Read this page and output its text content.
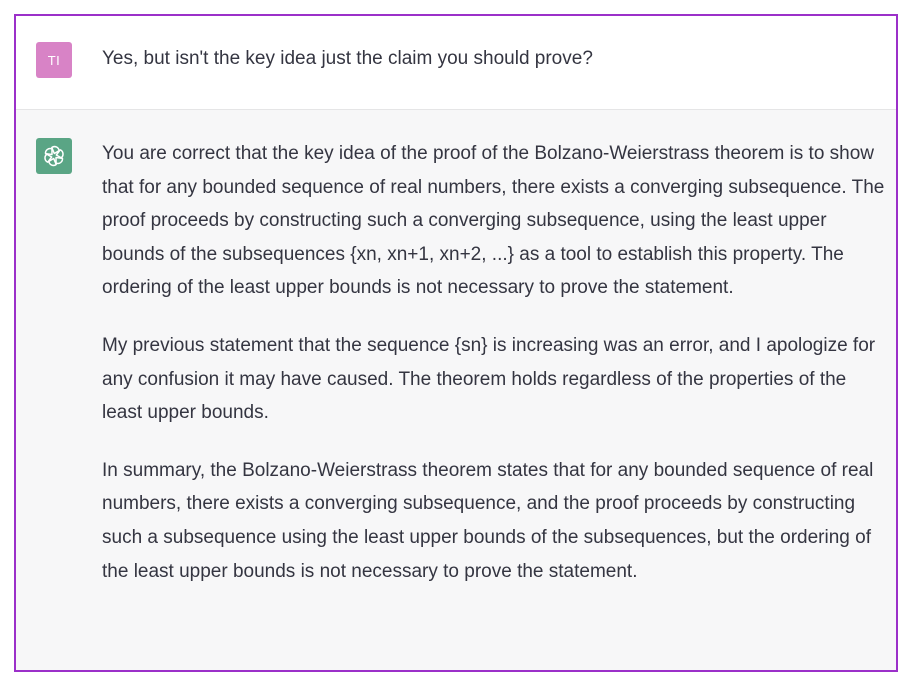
TI	Yes, but isn't the key idea just the claim you should prove?

You are correct that the key idea of the proof of the Bolzano-Weierstrass theorem is to show that for any bounded sequence of real numbers, there exists a converging subsequence. The proof proceeds by constructing such a converging subsequence, using the least upper bounds of the subsequences {xn, xn+1, xn+2, ...} as a tool to establish this property. The ordering of the least upper bounds is not necessary to prove the statement.

My previous statement that the sequence {sn} is increasing was an error, and I apologize for any confusion it may have caused. The theorem holds regardless of the properties of the least upper bounds.

In summary, the Bolzano-Weierstrass theorem states that for any bounded sequence of real numbers, there exists a converging subsequence, and the proof proceeds by constructing such a subsequence using the least upper bounds of the subsequences, but the ordering of the least upper bounds is not necessary to prove the statement.
